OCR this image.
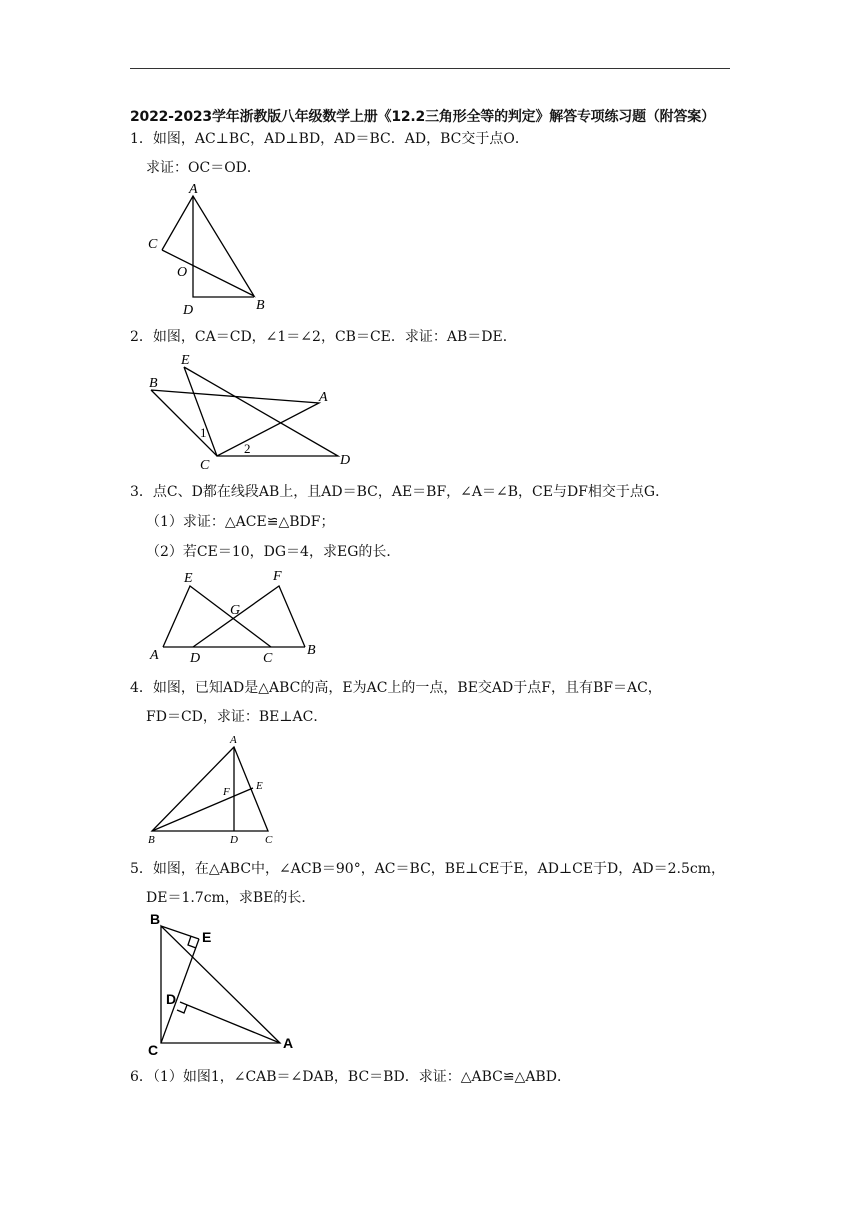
2022-2023学年浙教版八年级数学上册《12.2三角形全等的判定》解答专项练习题（附答案）
1．如图，AC⊥BC，AD⊥BD，AD＝BC．AD，BC交于点O．
求证：OC＝OD．
A
C
O
D	B
2．如图，CA＝CD，∠1＝∠2，CB＝CE．求证：AB＝DE．
E
B
A
1
2
C	D
3．点C、D都在线段AB上，且AD＝BC，AE＝BF，∠A＝∠B，CE与DF相交于点G．
（1）求证：△ACE≌△BDF；
（2）若CE＝10，DG＝4，求EG的长．
E	F
G
A D	C
B
4．如图，已知AD是△ABC的高，E为AC上的一点，BE交AD于点F，且有BF＝AC，
FD＝CD，求证：BE⊥AC．
A
E
F
B	D C
5．如图，在△ABC中，∠ACB＝90°，AC＝BC，BE⊥CE于E，AD⊥CE于D，AD＝2.5cm，
DE＝1.7cm，求BE的长．
B
E
D
C	A
6．（1）如图1，∠CAB＝∠DAB，BC＝BD．求证：△ABC≌△ABD．
